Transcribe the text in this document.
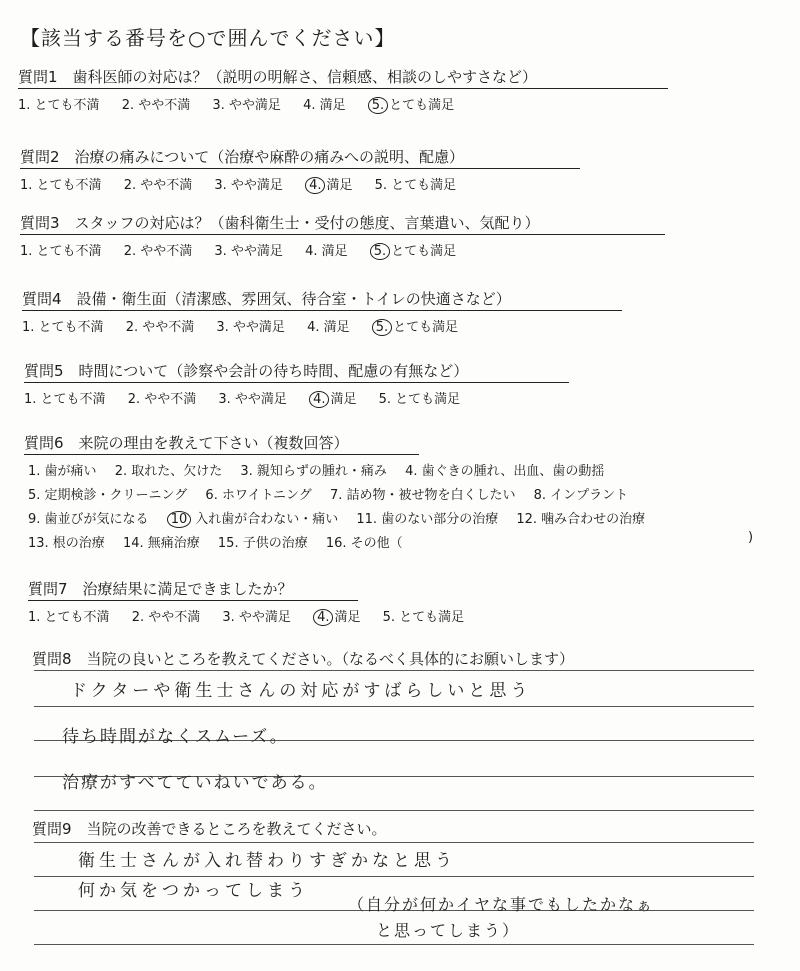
【該当する番号を○で囲んでください】
質問1　歯科医師の対応は？（説明の明解さ、信頼感、相談のしやすさなど）
1. とても不満 2. やや不満 3. やや満足 4. 満足 5. とても満足
質問2　治療の痛みについて（治療や麻酔の痛みへの説明、配慮）
1. とても不満 2. やや不満 3. やや満足 4. 満足 5. とても満足
質問3　スタッフの対応は？（歯科衛生士・受付の態度、言葉遣い、気配り）
1. とても不満 2. やや不満 3. やや満足 4. 満足 5. とても満足
質問4　設備・衛生面（清潔感、雰囲気、待合室・トイレの快適さなど）
1. とても不満 2. やや不満 3. やや満足 4. 満足 5. とても満足
質問5　時間について（診察や会計の待ち時間、配慮の有無など）
1. とても不満 2. やや不満 3. やや満足 4. 満足 5. とても満足
質問6　来院の理由を教えて下さい（複数回答）
1. 歯が痛い 2. 取れた、欠けた 3. 親知らずの腫れ・痛み 4. 歯ぐきの腫れ、出血、歯の動揺
5. 定期検診・クリーニング 6. ホワイトニング 7. 詰め物・被せ物を白くしたい 8. インプラント
9. 歯並びが気になる 10 入れ歯が合わない・痛い 11. 歯のない部分の治療 12. 噛み合わせの治療
13. 根の治療 14. 無痛治療 15. 子供の治療 16. その他（	)
質問7　治療結果に満足できましたか？
1. とても不満 2. やや不満 3. やや満足 4. 満足 5. とても満足
質問8　当院の良いところを教えてください。（なるべく具体的にお願いします）
ドクターや衛生士さんの対応がすばらしいと思う
待ち時間がなくスムーズ。
治療がすべてていねいである。
質問9　当院の改善できるところを教えてください。
衛生士さんが入れ替わりすぎかなと思う
何か気をつかってしまう
（自分が何かイヤな事でもしたかなぁ
と思ってしまう）
